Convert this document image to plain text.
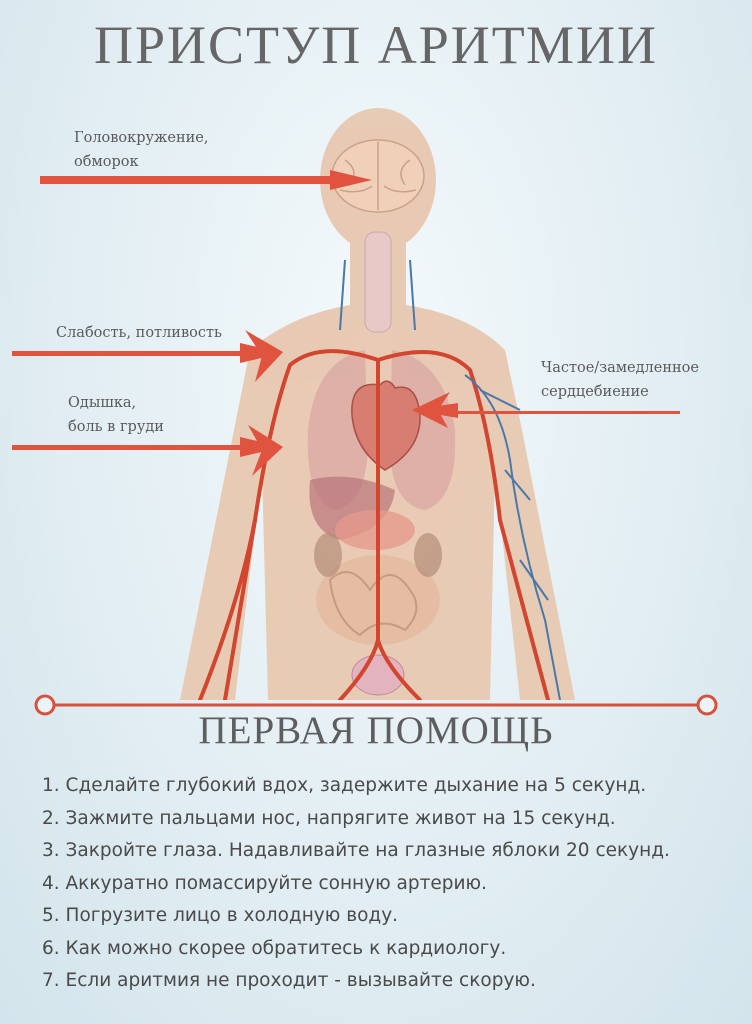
ПРИСТУП АРИТМИИ
Головокружение,
обморок
Слабость, потливость
Одышка,
боль в груди
Частое/замедленное
сердцебиение
ПЕРВАЯ ПОМОЩЬ
1. Сделайте глубокий вдох, задержите дыхание на 5 секунд.
2. Зажмите пальцами нос, напрягите живот на 15 секунд.
3. Закройте глаза. Надавливайте на глазные яблоки 20 секунд.
4. Аккуратно помассируйте сонную артерию.
5. Погрузите лицо в холодную воду.
6. Как можно скорее обратитесь к кардиологу.
7. Если аритмия не проходит - вызывайте скорую.
